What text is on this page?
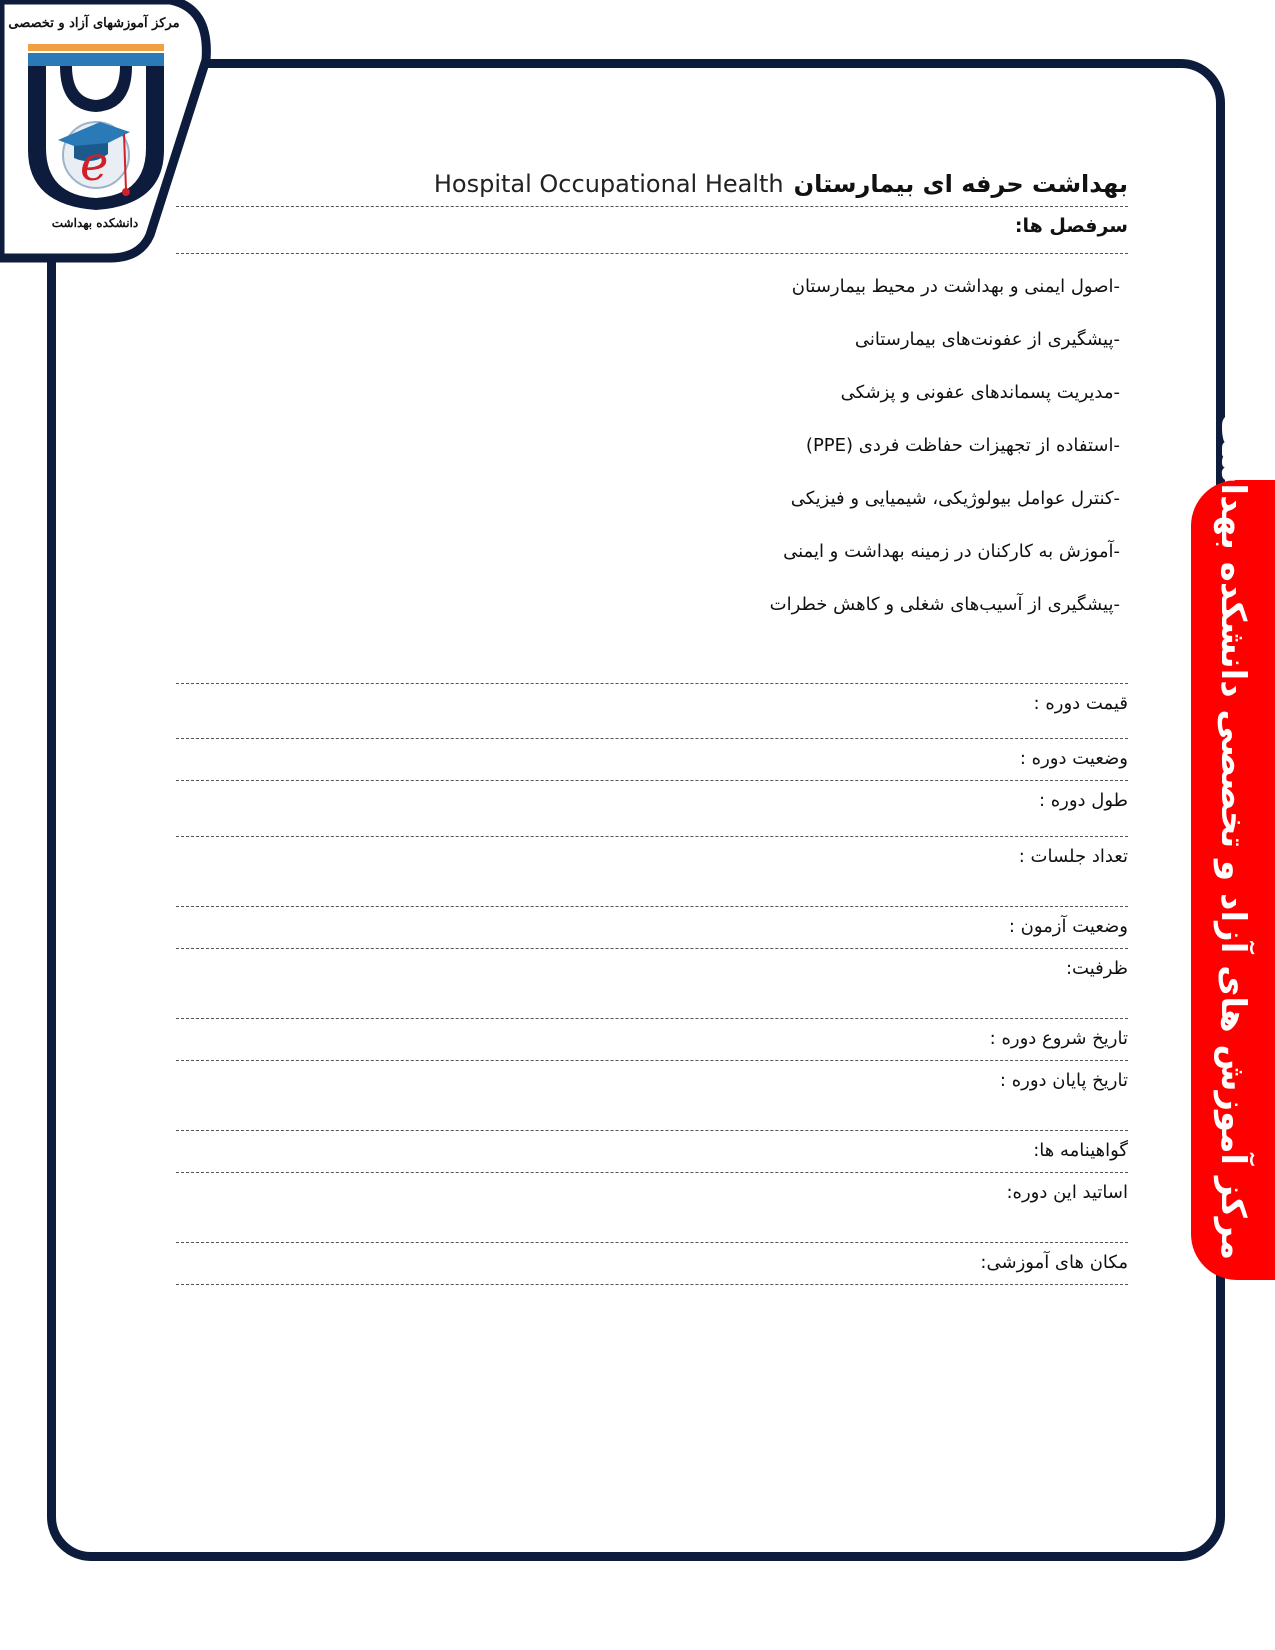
e
مرکز آموزشهای آزاد و تخصصی
دانشکده بهداشت
مرکز آموزش های آزاد و تخصصی دانشکده بهداشت
Hospital Occupational Health بهداشت حرفه ای بیمارستان
سرفصل ها:
-اصول ایمنی و بهداشت در محیط بیمارستان
-پیشگیری از عفونت‌های بیمارستانی
-مدیریت پسماندهای عفونی و پزشکی
-استفاده از تجهیزات حفاظت فردی (PPE)
-کنترل عوامل بیولوژیکی، شیمیایی و فیزیکی
-آموزش به کارکنان در زمینه بهداشت و ایمنی
-پیشگیری از آسیب‌های شغلی و کاهش خطرات
قیمت دوره :
وضعیت دوره :
طول دوره :
تعداد جلسات :
وضعیت آزمون :
ظرفیت:
تاریخ شروع دوره :
تاریخ پایان دوره :
گواهینامه ها:
اساتید این دوره:
مکان های آموزشی:
